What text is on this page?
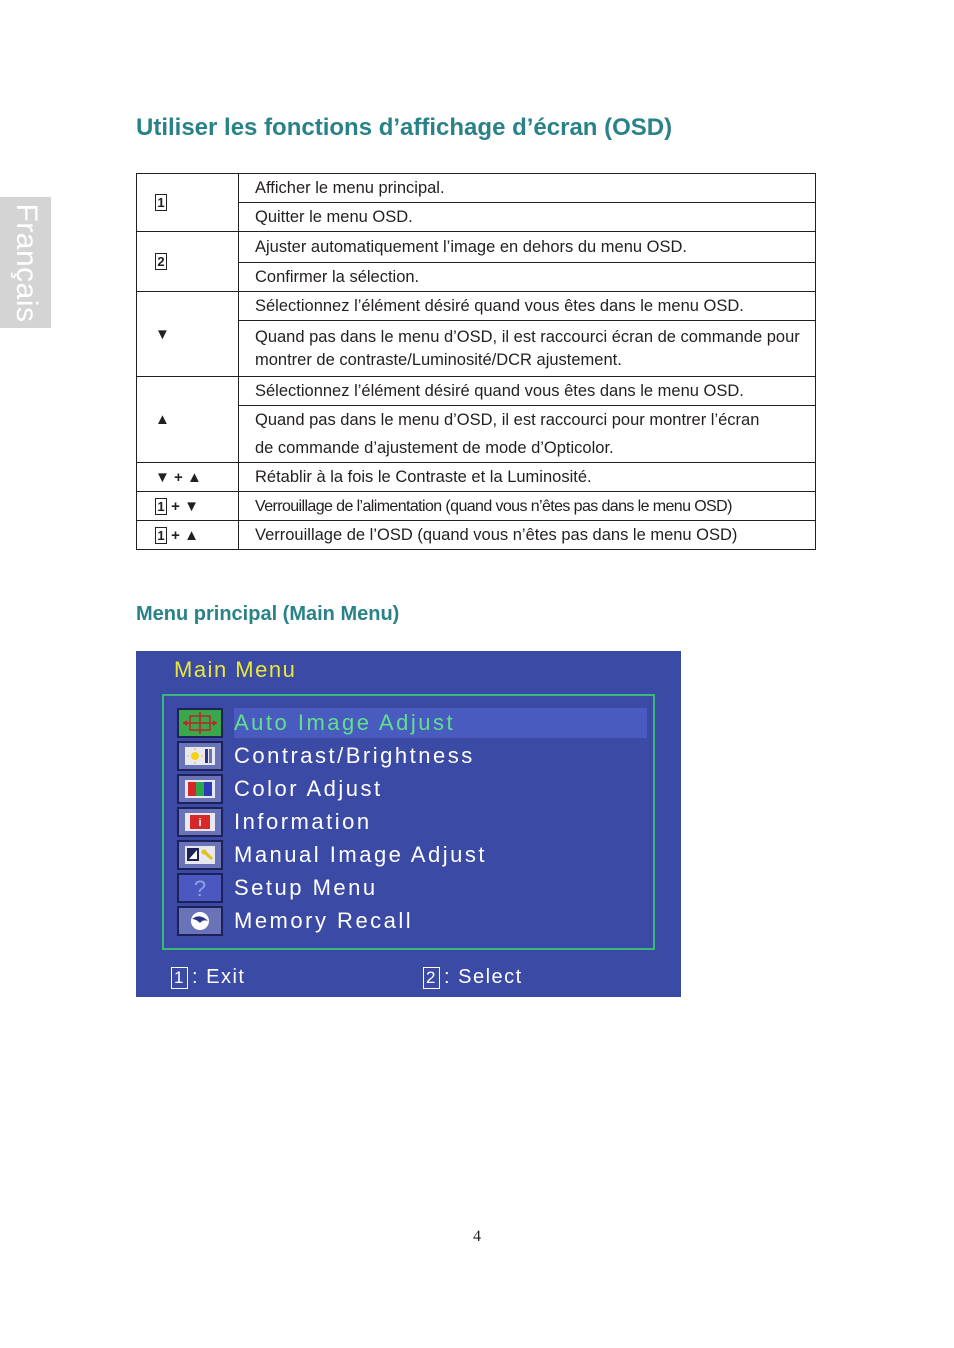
Français
Utiliser les fonctions d’affichage d’écran (OSD)
1	Afficher le menu principal.
	Quitter le menu OSD.
2	Ajuster automatiquement l’image en dehors du menu OSD.
	Confirmer la sélection.
▼	Sélectionnez l’élément désiré quand vous êtes dans le menu OSD.
	Quand pas dans le menu d’OSD, il est raccourci écran de commande pour montrer de contraste/Luminosité/DCR ajustement.
▲	Sélectionnez l’élément désiré quand vous êtes dans le menu OSD.
	Quand pas dans le menu d’OSD, il est raccourci pour montrer l’écran de commande d’ajustement de mode d’Opticolor.
▼ + ▲	Rétablir à la fois le Contraste et la Luminosité.
1 + ▼	Verrouillage de l’alimentation (quand vous n’êtes pas dans le menu OSD)
1 + ▲	Verrouillage de l’OSD (quand vous n’êtes pas dans le menu OSD)
Menu principal (Main Menu)
Main Menu
Auto Image Adjust
Contrast/Brightness
Color Adjust
i Information
Manual Image Adjust
? Setup Menu
Memory Recall
1 : Exit	2 : Select
4
